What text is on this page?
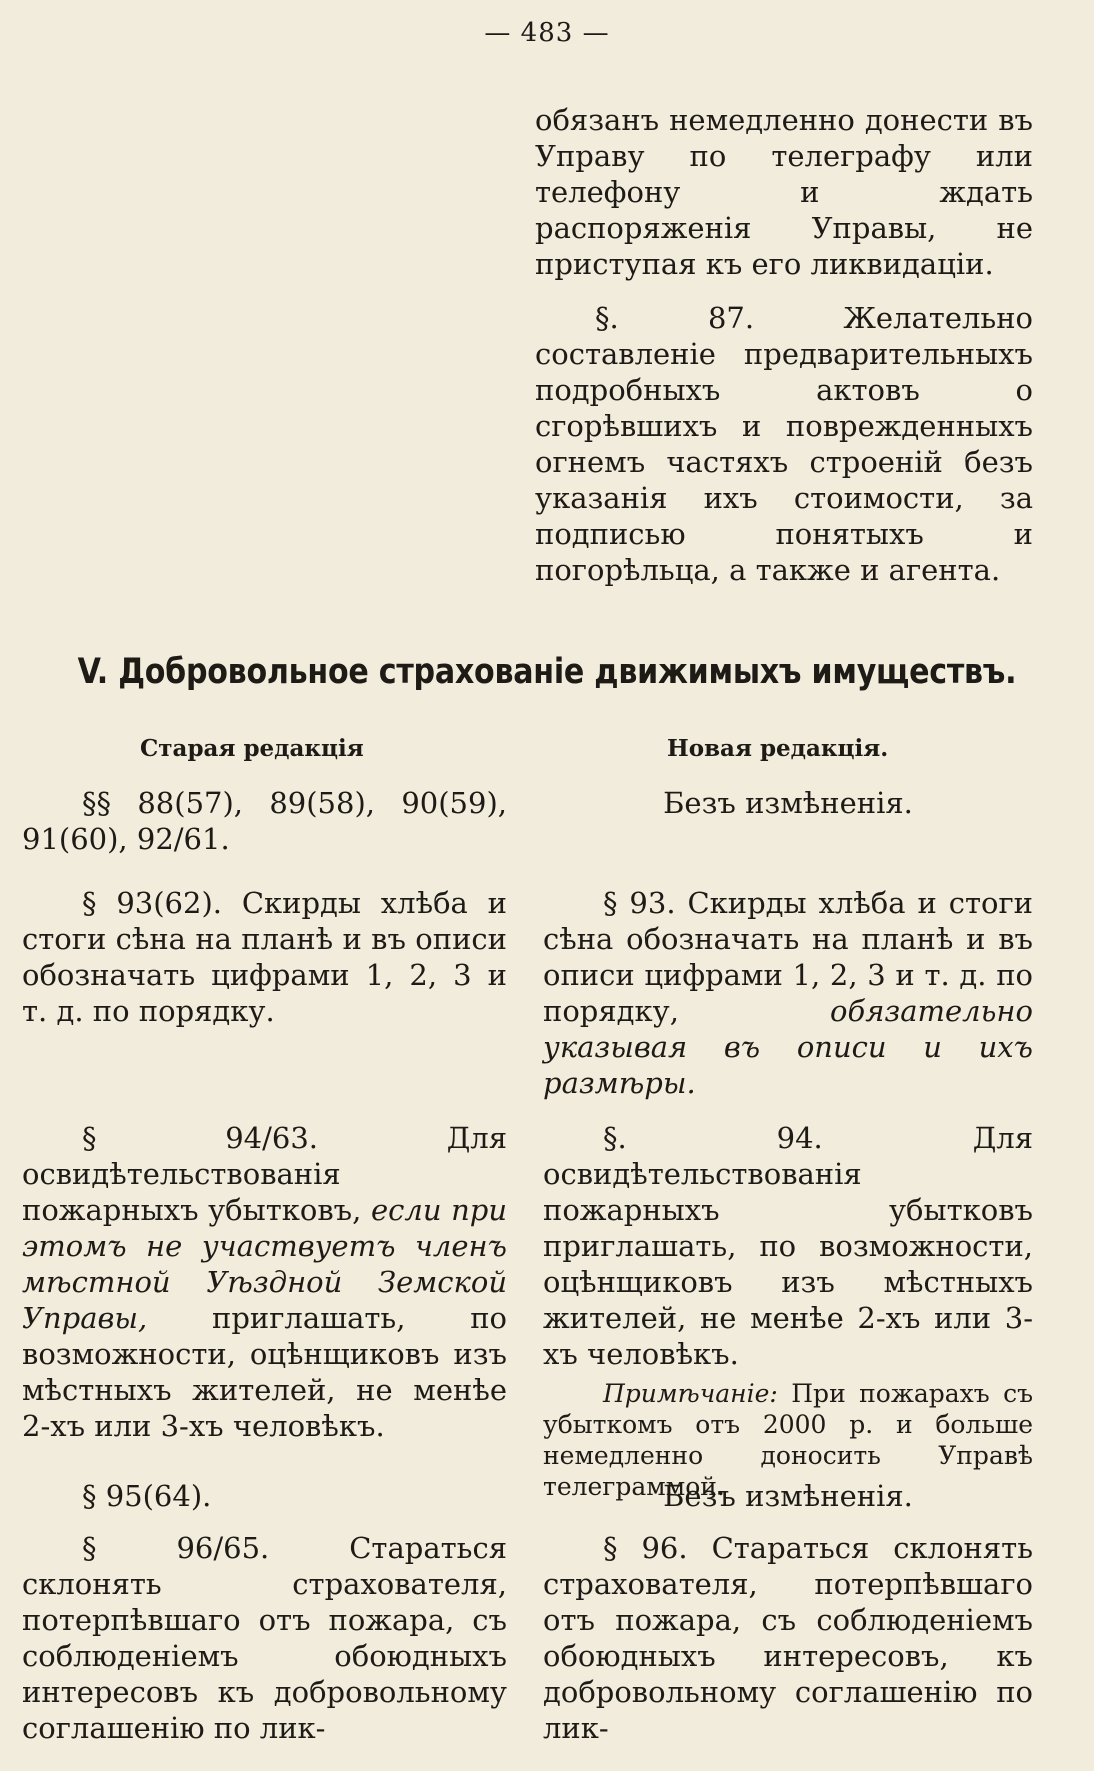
— 483 —

обязанъ немедленно донести въ Управу по телеграфу или телефону и ждать распоряженія Управы, не приступая къ его ликвидаціи.

§. 87. Желательно составленіе предварительныхъ подробныхъ актовъ о сгорѣвшихъ и поврежденныхъ огнемъ частяхъ строеній безъ указанія ихъ стоимости, за подписью понятыхъ и погорѣльца, а также и агента.

V. Добровольное страхованіе движимыхъ имуществъ.
Старая редакція	Новая редакція.

§§ 88(57), 89(58), 90(59), 91(60), 92/61.

Безъ измѣненія.

§ 93(62). Скирды хлѣба и стоги сѣна на планѣ и въ описи обозначать цифрами 1, 2, 3 и т. д. по порядку.

§ 93. Скирды хлѣба и стоги сѣна обозначать на планѣ и въ описи цифрами 1, 2, 3 и т. д. по порядку, обязательно указывая въ описи и ихъ размѣры.

§ 94/63. Для освидѣтельствованія пожарныхъ убытковъ, если при этомъ не участвуетъ членъ мѣстной Уѣздной Земской Управы, приглашать, по возможности, оцѣнщиковъ изъ мѣстныхъ жителей, не менѣе 2-хъ или 3-хъ человѣкъ.

§. 94. Для освидѣтельствованія пожарныхъ убытковъ приглашать, по возможности, оцѣнщиковъ изъ мѣстныхъ жителей, не менѣе 2-хъ или 3-хъ человѣкъ.

Примѣчаніе: При пожарахъ съ убыткомъ отъ 2000 р. и больше немедленно доносить Управѣ телеграммой.

§ 95(64).	Безъ измѣненія.

§ 96/65. Стараться склонять страхователя, потерпѣвшаго отъ пожара, съ соблюденіемъ обоюдныхъ интересовъ къ добровольному соглашенію по лик-

§ 96. Стараться склонять страхователя, потерпѣвшаго отъ пожара, съ соблюденіемъ обоюдныхъ интересовъ, къ добровольному соглашенію по лик-
